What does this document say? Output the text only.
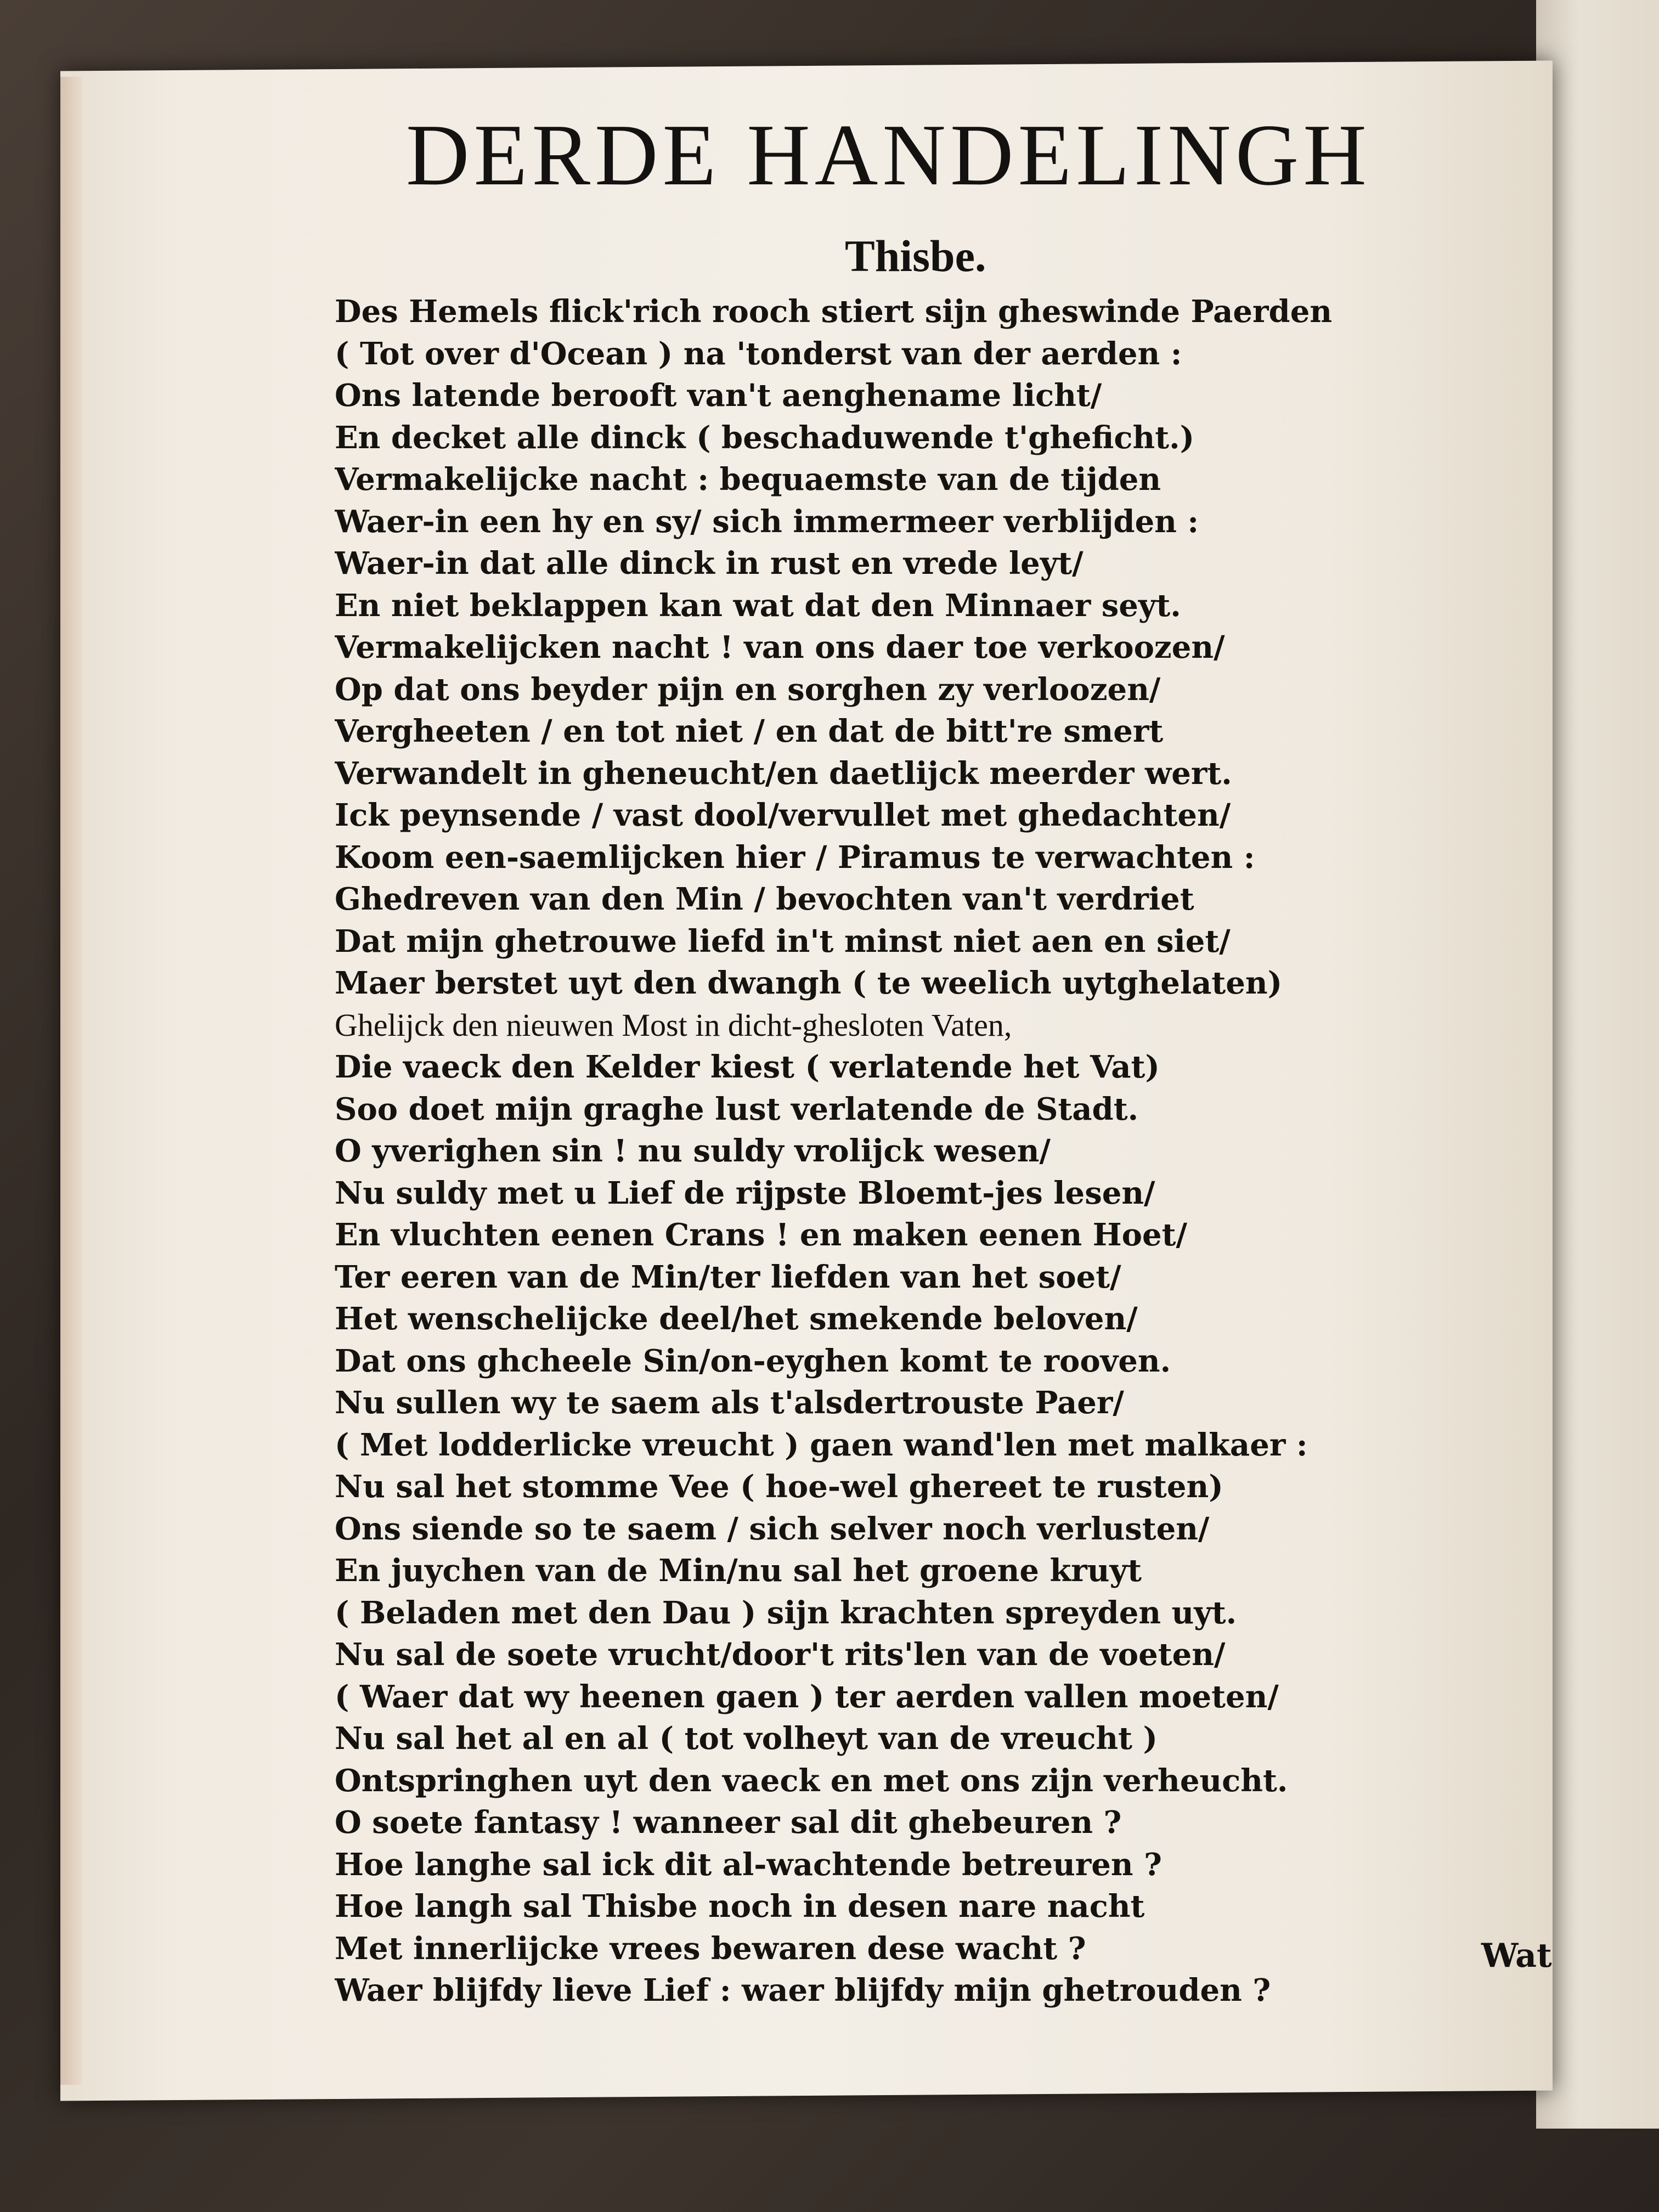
DERDE HANDELINGH
Thisbe.
Des Hemels flick'rich rooch stiert sijn gheswinde Paerden
( Tot over d'Ocean ) na 'tonderst van der aerden :
Ons latende berooft van't aenghename licht/
En decket alle dinck ( beschaduwende t'gheficht.)
Vermakelijcke nacht : bequaemste van de tijden
Waer-in een hy en sy/ sich immermeer verblijden :
Waer-in dat alle dinck in rust en vrede leyt/
En niet beklappen kan wat dat den Minnaer seyt.
Vermakelijcken nacht ! van ons daer toe verkoozen/
Op dat ons beyder pijn en sorghen zy verloozen/
Vergheeten / en tot niet / en dat de bitt're smert
Verwandelt in gheneucht/en daetlijck meerder wert.
Ick peynsende / vast dool/vervullet met ghedachten/
Koom een-saemlijcken hier / Piramus te verwachten :
Ghedreven van den Min / bevochten van't verdriet
Dat mijn ghetrouwe liefd in't minst niet aen en siet/
Maer berstet uyt den dwangh ( te weelich uytghelaten)
Ghelijck den nieuwen Most in dicht-ghesloten Vaten,
Die vaeck den Kelder kiest ( verlatende het Vat)
Soo doet mijn graghe lust verlatende de Stadt.
O yverighen sin ! nu suldy vrolijck wesen/
Nu suldy met u Lief de rijpste Bloemt-jes lesen/
En vluchten eenen Crans ! en maken eenen Hoet/
Ter eeren van de Min/ter liefden van het soet/
Het wenschelijcke deel/het smekende beloven/
Dat ons ghcheele Sin/on-eyghen komt te rooven.
Nu sullen wy te saem als t'alsdertrouste Paer/
( Met lodderlicke vreucht ) gaen wand'len met malkaer :
Nu sal het stomme Vee ( hoe-wel ghereet te rusten)
Ons siende so te saem / sich selver noch verlusten/
En juychen van de Min/nu sal het groene kruyt
( Beladen met den Dau ) sijn krachten spreyden uyt.
Nu sal de soete vrucht/door't rits'len van de voeten/
( Waer dat wy heenen gaen ) ter aerden vallen moeten/
Nu sal het al en al ( tot volheyt van de vreucht )
Ontspringhen uyt den vaeck en met ons zijn verheucht.
O soete fantasy ! wanneer sal dit ghebeuren ?
Hoe langhe sal ick dit al-wachtende betreuren ?
Hoe langh sal Thisbe noch in desen nare nacht
Met innerlijcke vrees bewaren dese wacht ?
Waer blijfdy lieve Lief : waer blijfdy mijn ghetrouden ?
Wat
